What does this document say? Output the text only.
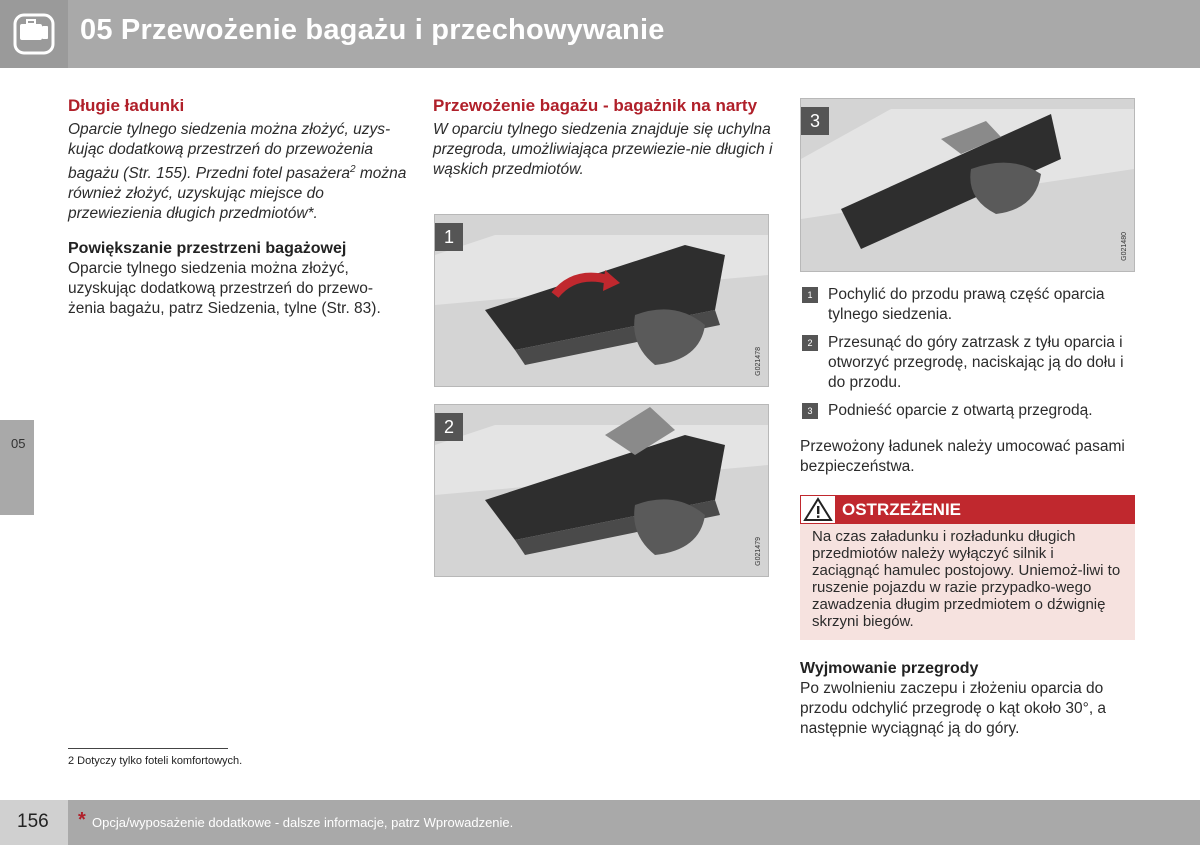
05 Przewożenie bagażu i przechowywanie
05
Długie ładunki

Oparcie tylnego siedzenia można złożyć, uzys-kując dodatkową przestrzeń do przewożenia bagażu (Str. 155). Przedni fotel pasażera$^2$ można również złożyć, uzyskując miejsce do przewiezienia długich przedmiotów*.

Powiększanie przestrzeni bagażowej

Oparcie tylnego siedzenia można złożyć, uzyskując dodatkową przestrzeń do przewo-żenia bagażu, patrz Siedzenia, tylne (Str. 83).

Przewożenie bagażu - bagażnik na narty

W oparciu tylnego siedzenia znajduje się uchylna przegroda, umożliwiająca przewiezie-nie długich i wąskich przedmiotów.

1
G021478
2
G021479
3
G021480
1	Pochylić do przodu prawą część oparcia tylnego siedzenia.

2	Przesunąć do góry zatrzask z tyłu oparcia i otworzyć przegrodę, naciskając ją do dołu i do przodu.

3	Podnieść oparcie z otwartą przegrodą.

Przewożony ładunek należy umocować pasami bezpieczeństwa.

OSTRZEŻENIE

Na czas załadunku i rozładunku długich przedmiotów należy wyłączyć silnik i zaciągnąć hamulec postojowy. Uniemoż-liwi to ruszenie pojazdu w razie przypadko-wego zawadzenia długim przedmiotem o dźwignię skrzyni biegów.

Wyjmowanie przegrody

Po zwolnieniu zaczepu i złożeniu oparcia do przodu odchylić przegrodę o kąt około 30°, a następnie wyciągnąć ją do góry.

2 Dotyczy tylko foteli komfortowych.
156 * Opcja/wyposażenie dodatkowe - dalsze informacje, patrz Wprowadzenie.
